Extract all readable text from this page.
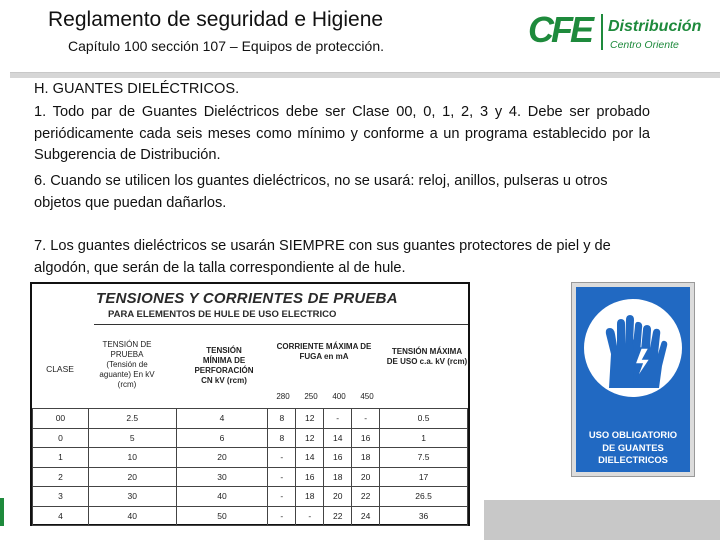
Reglamento de seguridad e Higiene
Capítulo 100 sección 107 – Equipos de protección.	CFE Distribución
Centro Oriente
H. GUANTES DIELÉCTRICOS.
1. Todo par de Guantes Dieléctricos debe ser Clase 00, 0, 1, 2, 3 y 4. Debe ser probado periódicamente cada seis meses como mínimo y conforme a un programa establecido por la Subgerencia de Distribución.
6. Cuando se utilicen los guantes dieléctricos, no se usará: reloj, anillos, pulseras u otros objetos que puedan dañarlos.
7. Los guantes dieléctricos se usarán SIEMPRE con sus guantes protectores de piel y de algodón, que serán de la talla correspondiente al de hule.
TENSIONES Y CORRIENTES DE PRUEBA
PARA ELEMENTOS DE HULE DE USO ELECTRICO
CLASE
TENSIÓN DE PRUEBA (Tensión de aguante) En kV (rcm)
TENSIÓN MÍNIMA DE PERFORACIÓN CN kV (rcm)
CORRIENTE MÁXIMA DE FUGA en mA
TENSIÓN MÁXIMA DE USO c.a. kV (rcm)
280	250	400	450
00	2.5	4	8	12	-	-	0.5
0	5	6	8	12	14	16	1
1	10	20	-	14	16	18	7.5
2	20	30	-	16	18	20	17
3	30	40	-	18	20	22	26.5
4	40	50	-	-	22	24	36
USO OBLIGATORIO
DE GUANTES
DIELECTRICOS
